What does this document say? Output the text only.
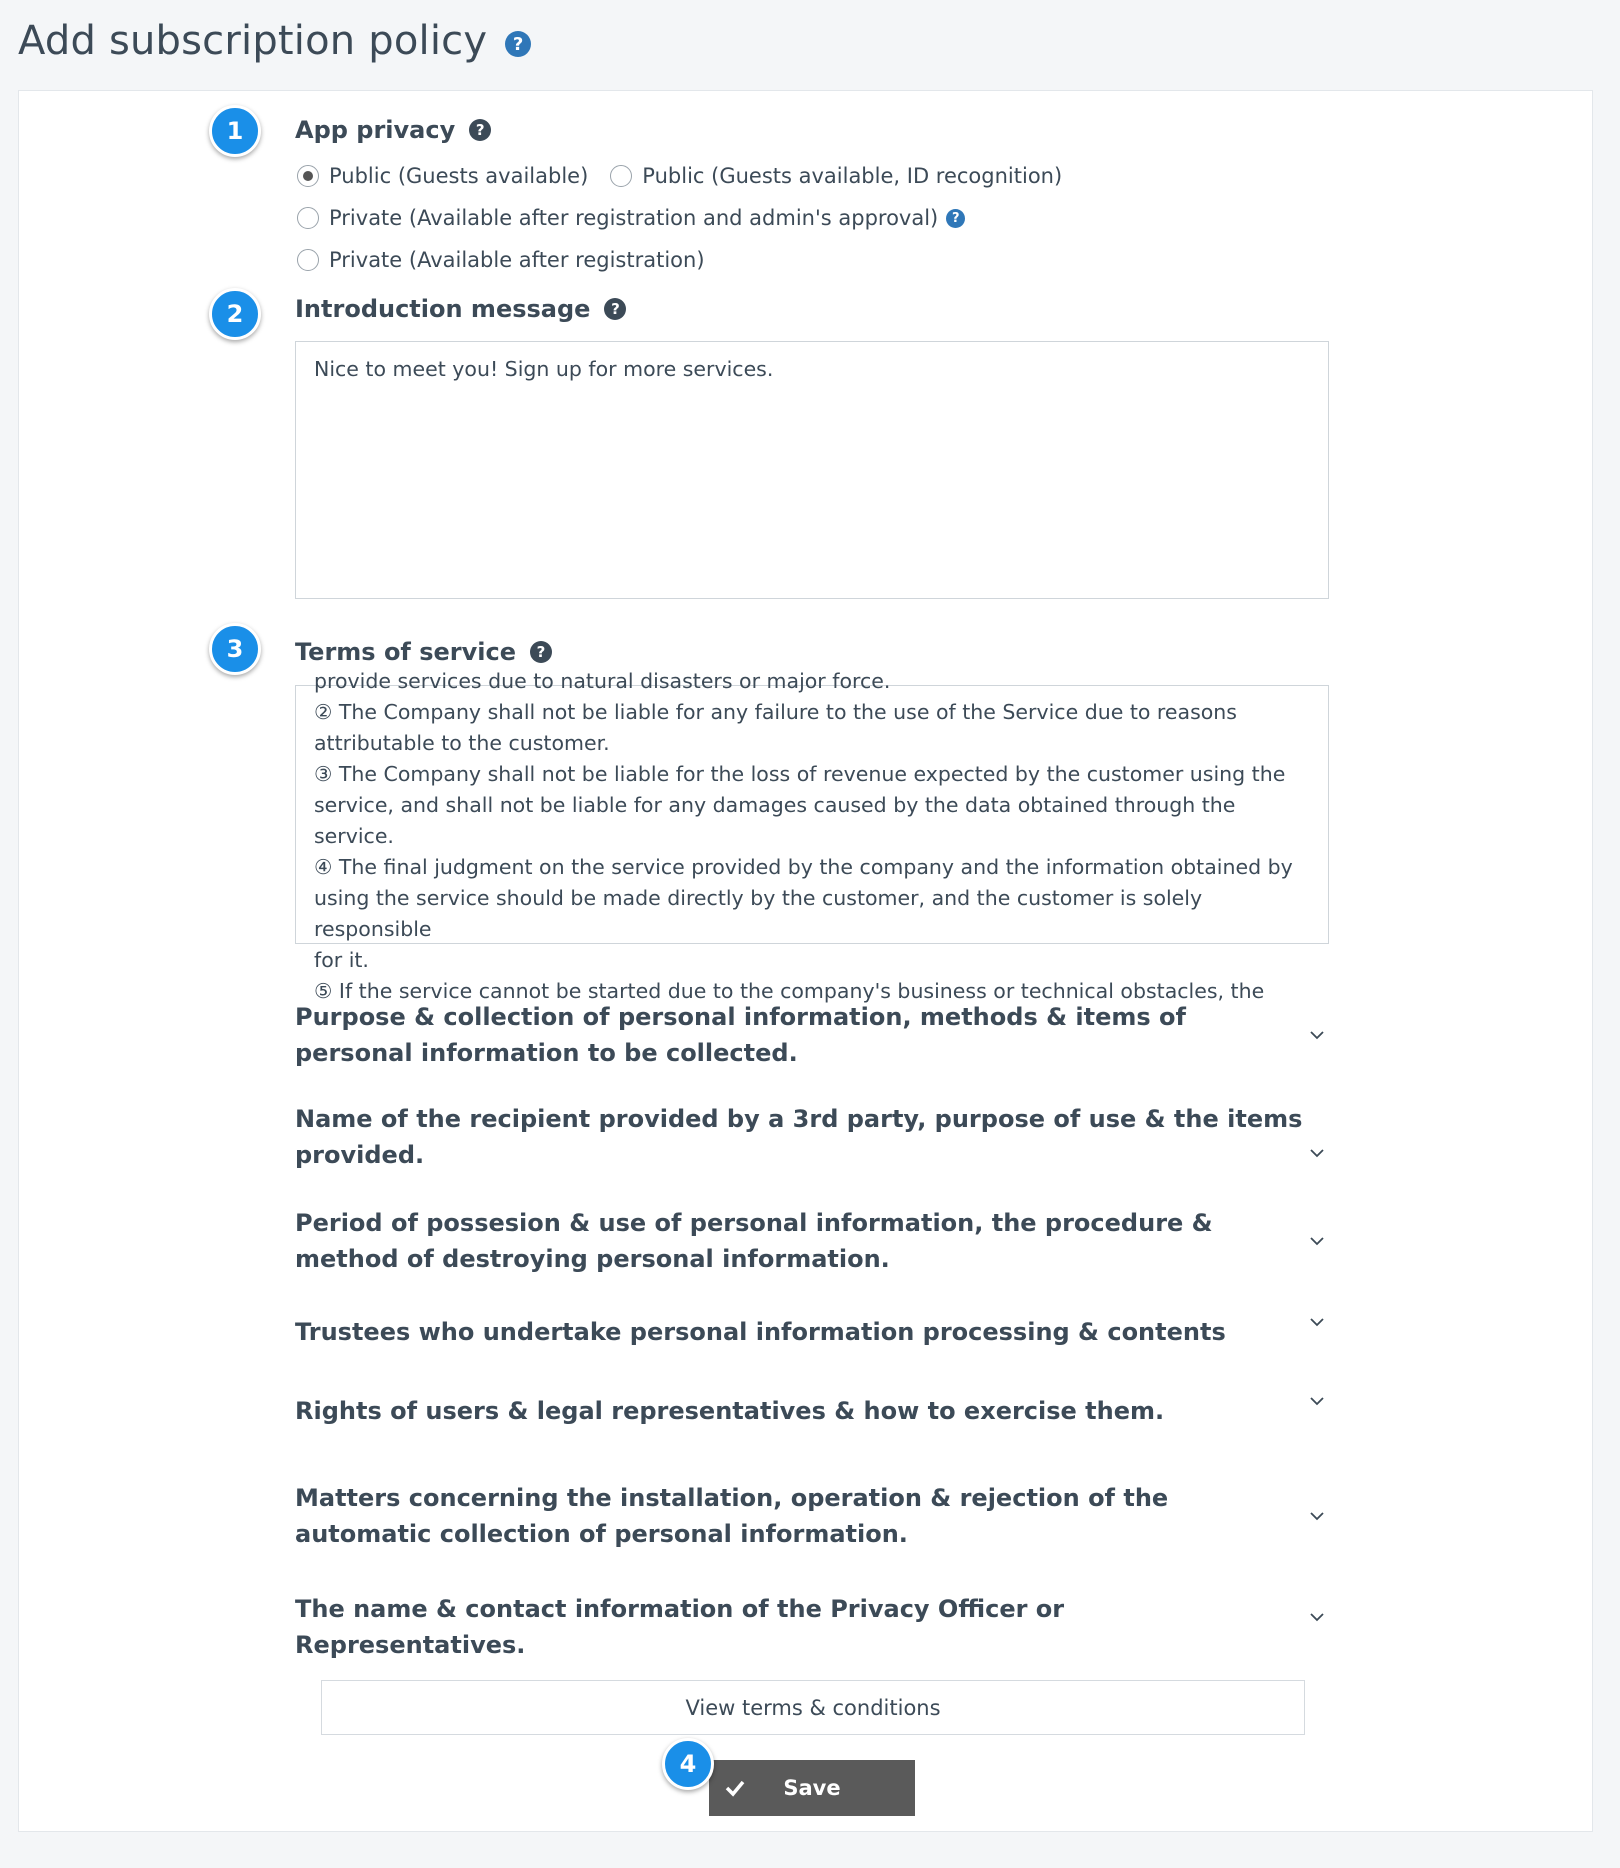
Add subscription policy	?
1	App privacy	?
Public (Guests available)	Public (Guests available, ID recognition)
Private (Available after registration and admin's approval)	?
Private (Available after registration)
2	Introduction message	?
Nice to meet you! Sign up for more services.
3	Terms of service	?

provide services due to natural disasters or major force.

② The Company shall not be liable for any failure to the use of the Service due to reasons

attributable to the customer.

③ The Company shall not be liable for the loss of revenue expected by the customer using the

service, and shall not be liable for any damages caused by the data obtained through the service.

④ The final judgment on the service provided by the company and the information obtained by

using the service should be made directly by the customer, and the customer is solely responsible

for it.

⑤ If the service cannot be started due to the company's business or technical obstacles, the

Purpose & collection of personal information, methods & items of personal information to be collected.
Name of the recipient provided by a 3rd party, purpose of use & the items provided.
Period of possesion & use of personal information, the procedure & method of destroying personal information.
Trustees who undertake personal information processing & contents
Rights of users & legal representatives & how to exercise them.
Matters concerning the installation, operation & rejection of the automatic collection of personal information.
The name & contact information of the Privacy Officer or Representatives.
View terms & conditions
Save
4
